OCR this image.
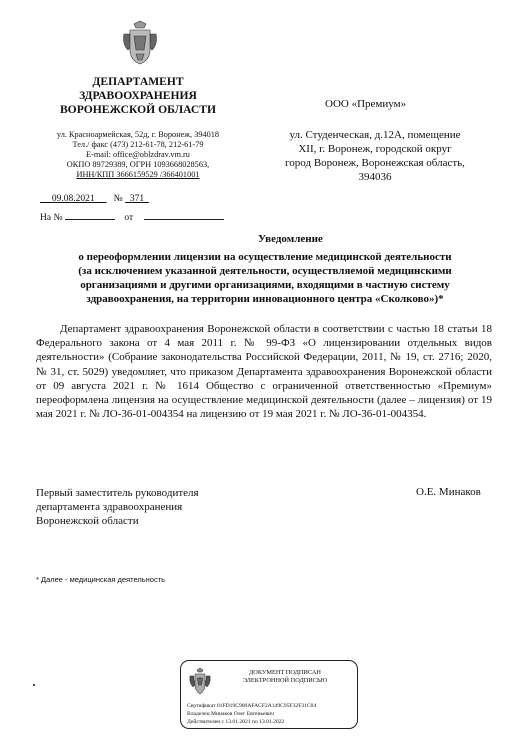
ДЕПАРТАМЕНТ
ЗДРАВООХРАНЕНИЯ
ВОРОНЕЖСКОЙ ОБЛАСТИ
ул. Красноармейская, 52д, г. Воронеж, 394018
Тел./ факс (473) 212-61-78, 212-61-79
E-mail: office@oblzdrav.vm.ru
ОКПО 89729389, ОГРН 1093668028563,
ИНН/КПП 3666159529 /366401001
09.08.2021 № 371
На №	от
ООО «Премиум»
ул. Студенческая, д.12А, помещение
XII, г. Воронеж, городской округ
город Воронеж, Воронежская область,
394036
Уведомление
о переоформлении лицензии на осуществление медицинской деятельности
(за исключением указанной деятельности, осуществляемой медицинскими
организациями и другими организациями, входящими в частную систему
здравоохранения, на территории инновационного центра «Сколково»)*

Департамент здравоохранения Воронежской области в соответствии с частью 18 статьи 18 Федерального закона от 4 мая 2011 г. № 99-ФЗ «О лицензировании отдельных видов деятельности» (Собрание законодательства Российской Федерации, 2011, № 19, ст. 2716; 2020, № 31, ст. 5029) уведомляет, что приказом Департамента здравоохранения Воронежской области от 09 августа 2021 г. № 1614 Общество с ограниченной ответственностью «Премиум» переоформлена лицензия на осуществление медицинской деятельности (далее – лицензия) от 19 мая 2021 г. № ЛО-36-01-004354 на лицензию от 19 мая 2021 г. № ЛО-36-01-004354.

Первый заместитель руководителя
департамента здравоохранения
Воронежской области
О.Е. Минаков
* Далее - медицинская деятельность
ДОКУМЕНТ ПОДПИСАН
ЭЛЕКТРОННОЙ ПОДПИСЬЮ
Сертификат 01FD19C900AFACF2A149C95F32F31C04
Владелец Минаков Олег Евгеньевич
Действителен с 13.01.2021 по 13.01.2022
